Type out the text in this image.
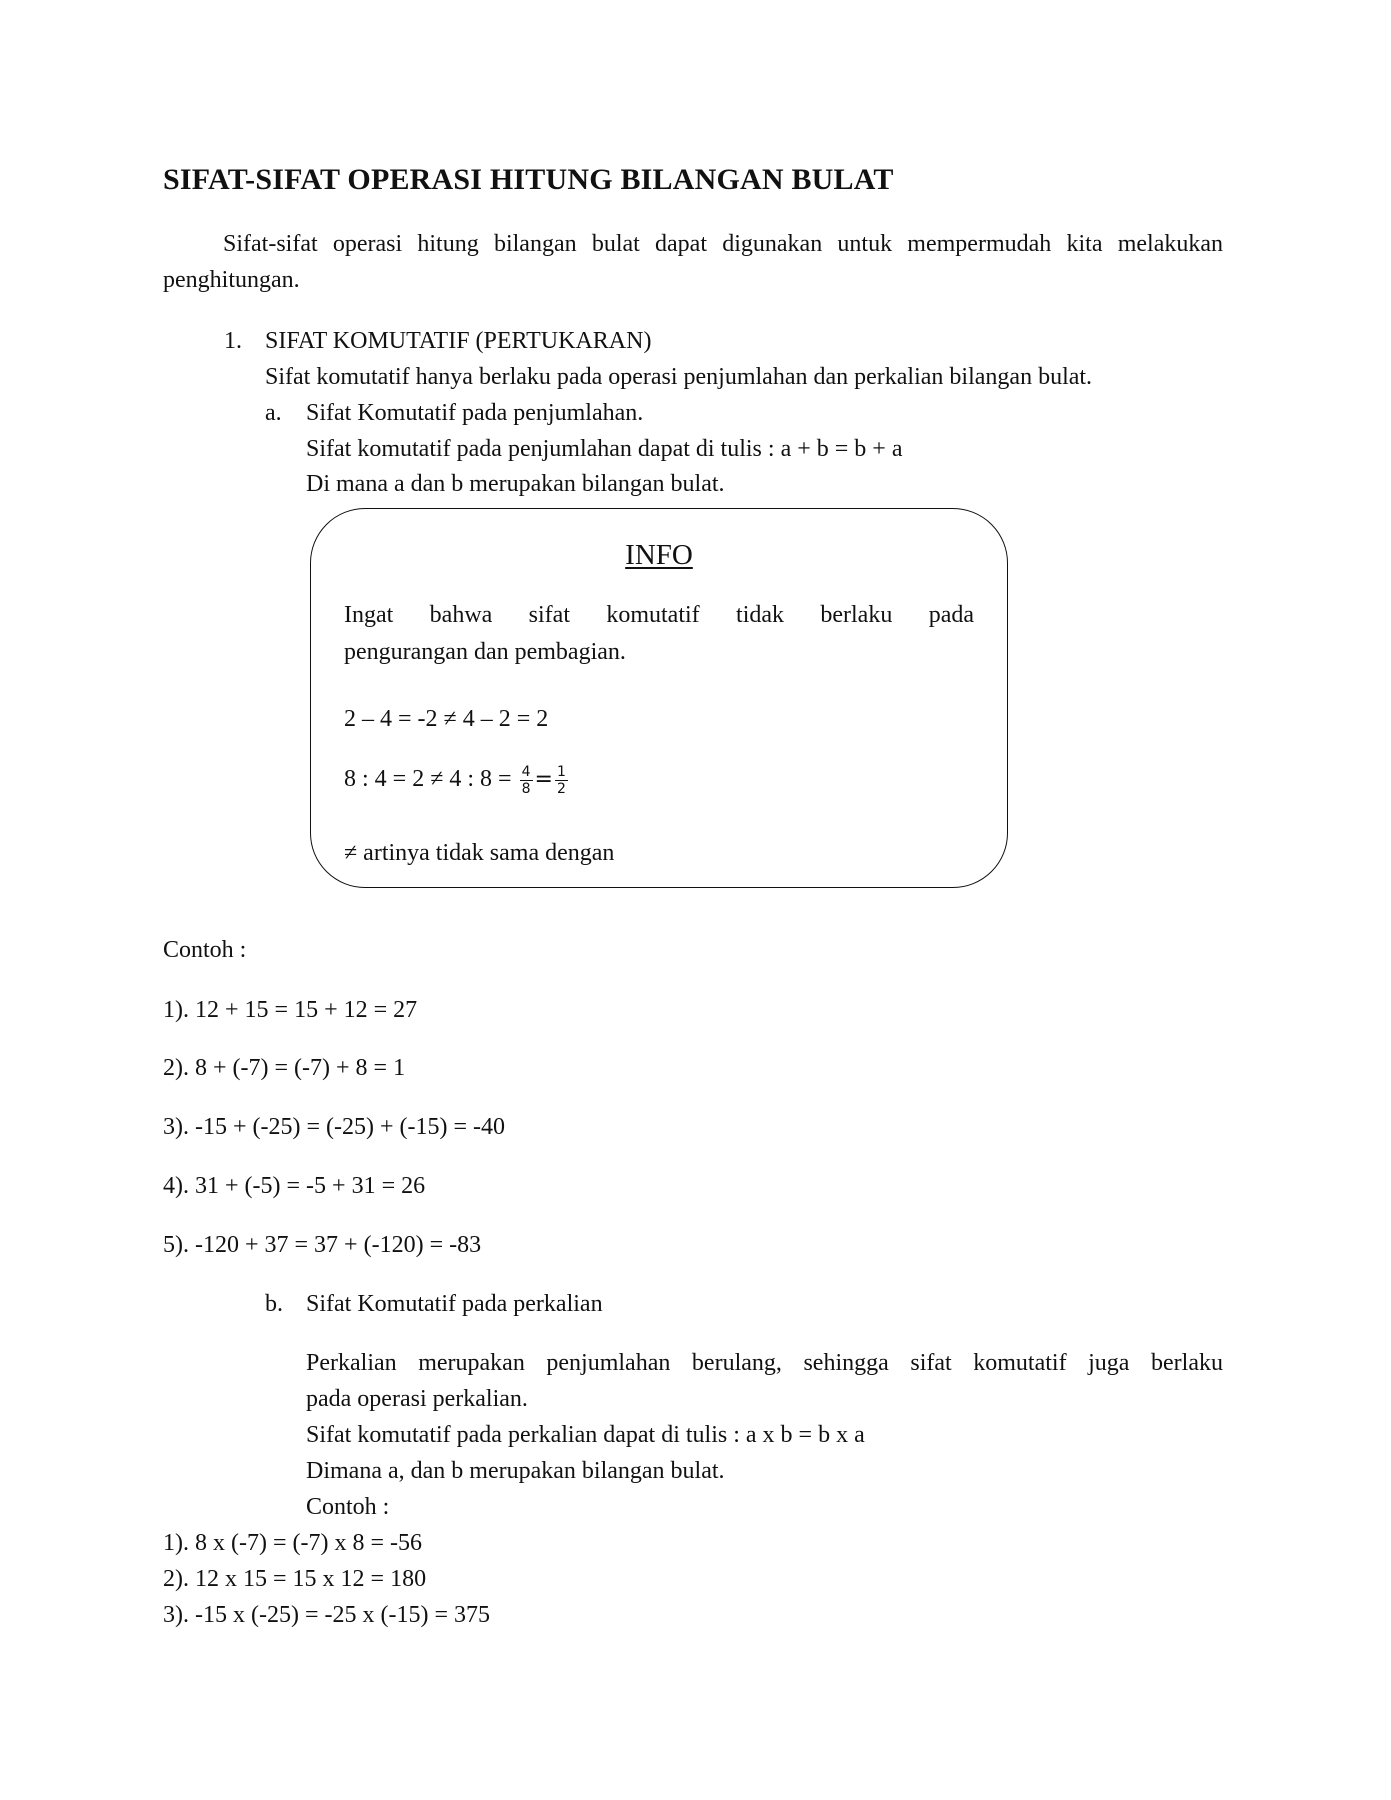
SIFAT-SIFAT OPERASI HITUNG BILANGAN BULAT
Sifat-sifat operasi hitung bilangan bulat dapat digunakan untuk mempermudah kita melakukan penghitungan.
1. SIFAT KOMUTATIF (PERTUKARAN)
Sifat komutatif hanya berlaku pada operasi penjumlahan dan perkalian bilangan bulat.
a. Sifat Komutatif pada penjumlahan.
Sifat komutatif pada penjumlahan dapat di tulis : a + b = b + a
Di mana a dan b merupakan bilangan bulat.
INFO
Ingat bahwa sifat komutatif tidak berlaku pada
pengurangan dan pembagian.
2 – 4 = -2 ≠ 4 – 2 = 2
8 : 4 = 2 ≠ 4 : $8 = \frac{4}{8} = \frac{1}{2}$
≠ artinya tidak sama dengan
Contoh :
1). 12 + 15 = 15 + 12 = 27
2). 8 + (-7) = (-7) + 8 = 1
3). -15 + (-25) = (-25) + (-15) = -40
4). 31 + (-5) = -5 + 31 = 26
5). -120 + 37 = 37 + (-120) = -83
b. Sifat Komutatif pada perkalian
Perkalian merupakan penjumlahan berulang, sehingga sifat komutatif juga berlaku
pada operasi perkalian.
Sifat komutatif pada perkalian dapat di tulis : a x b = b x a
Dimana a, dan b merupakan bilangan bulat.
Contoh :
1). 8 x (-7) = (-7) x 8 = -56
2). 12 x 15 = 15 x 12 = 180
3). -15 x (-25) = -25 x (-15) = 375
